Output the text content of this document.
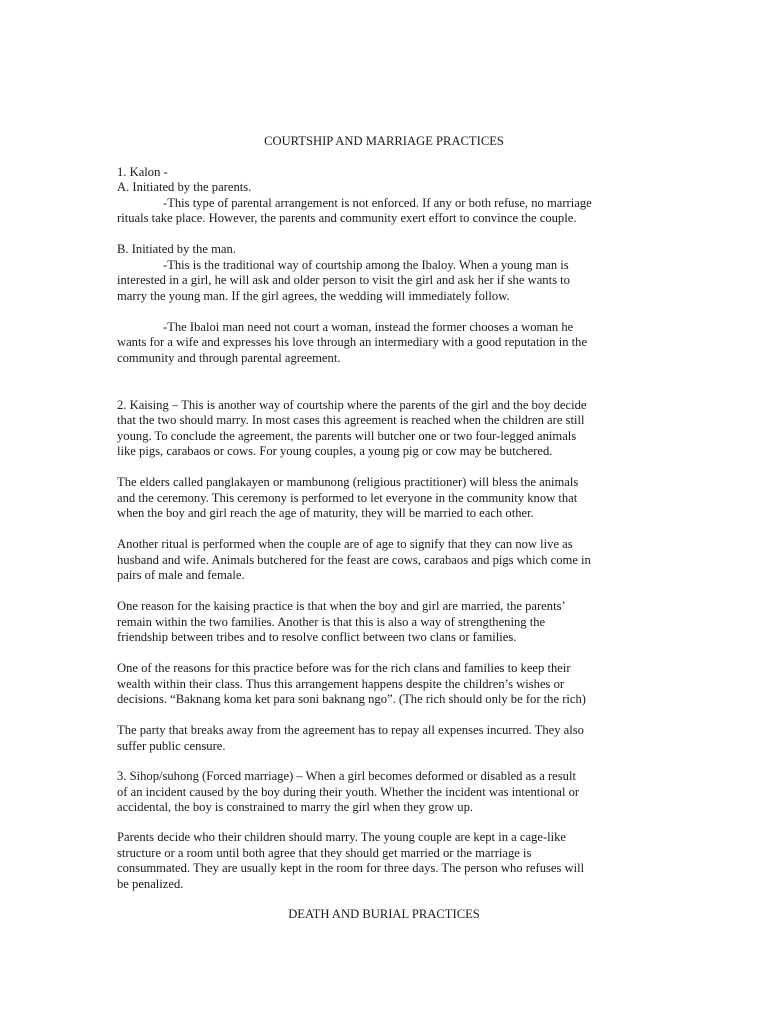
COURTSHIP AND MARRIAGE PRACTICES
1. Kalon -
A. Initiated by the parents.
-This type of parental arrangement is not enforced. If any or both refuse, no marriage
rituals take place. However, the parents and community exert effort to convince the couple.
B. Initiated by the man.
-This is the traditional way of courtship among the Ibaloy. When a young man is
interested in a girl, he will ask and older person to visit the girl and ask her if she wants to
marry the young man. If the girl agrees, the wedding will immediately follow.
-The Ibaloi man need not court a woman, instead the former chooses a woman he
wants for a wife and expresses his love through an intermediary with a good reputation in the
community and through parental agreement.
2. Kaising – This is another way of courtship where the parents of the girl and the boy decide
that the two should marry. In most cases this agreement is reached when the children are still
young. To conclude the agreement, the parents will butcher one or two four-legged animals
like pigs, carabaos or cows. For young couples, a young pig or cow may be butchered.
The elders called panglakayen or mambunong (religious practitioner) will bless the animals
and the ceremony. This ceremony is performed to let everyone in the community know that
when the boy and girl reach the age of maturity, they will be married to each other.
Another ritual is performed when the couple are of age to signify that they can now live as
husband and wife. Animals butchered for the feast are cows, carabaos and pigs which come in
pairs of male and female.
One reason for the kaising practice is that when the boy and girl are married, the parents’
remain within the two families. Another is that this is also a way of strengthening the
friendship between tribes and to resolve conflict between two clans or families.
One of the reasons for this practice before was for the rich clans and families to keep their
wealth within their class. Thus this arrangement happens despite the children’s wishes or
decisions. “Baknang koma ket para soni baknang ngo”. (The rich should only be for the rich)
The party that breaks away from the agreement has to repay all expenses incurred. They also
suffer public censure.
3. Sihop/suhong (Forced marriage) – When a girl becomes deformed or disabled as a result
of an incident caused by the boy during their youth. Whether the incident was intentional or
accidental, the boy is constrained to marry the girl when they grow up.
Parents decide who their children should marry. The young couple are kept in a cage-like
structure or a room until both agree that they should get married or the marriage is
consummated. They are usually kept in the room for three days. The person who refuses will
be penalized.
DEATH AND BURIAL PRACTICES
